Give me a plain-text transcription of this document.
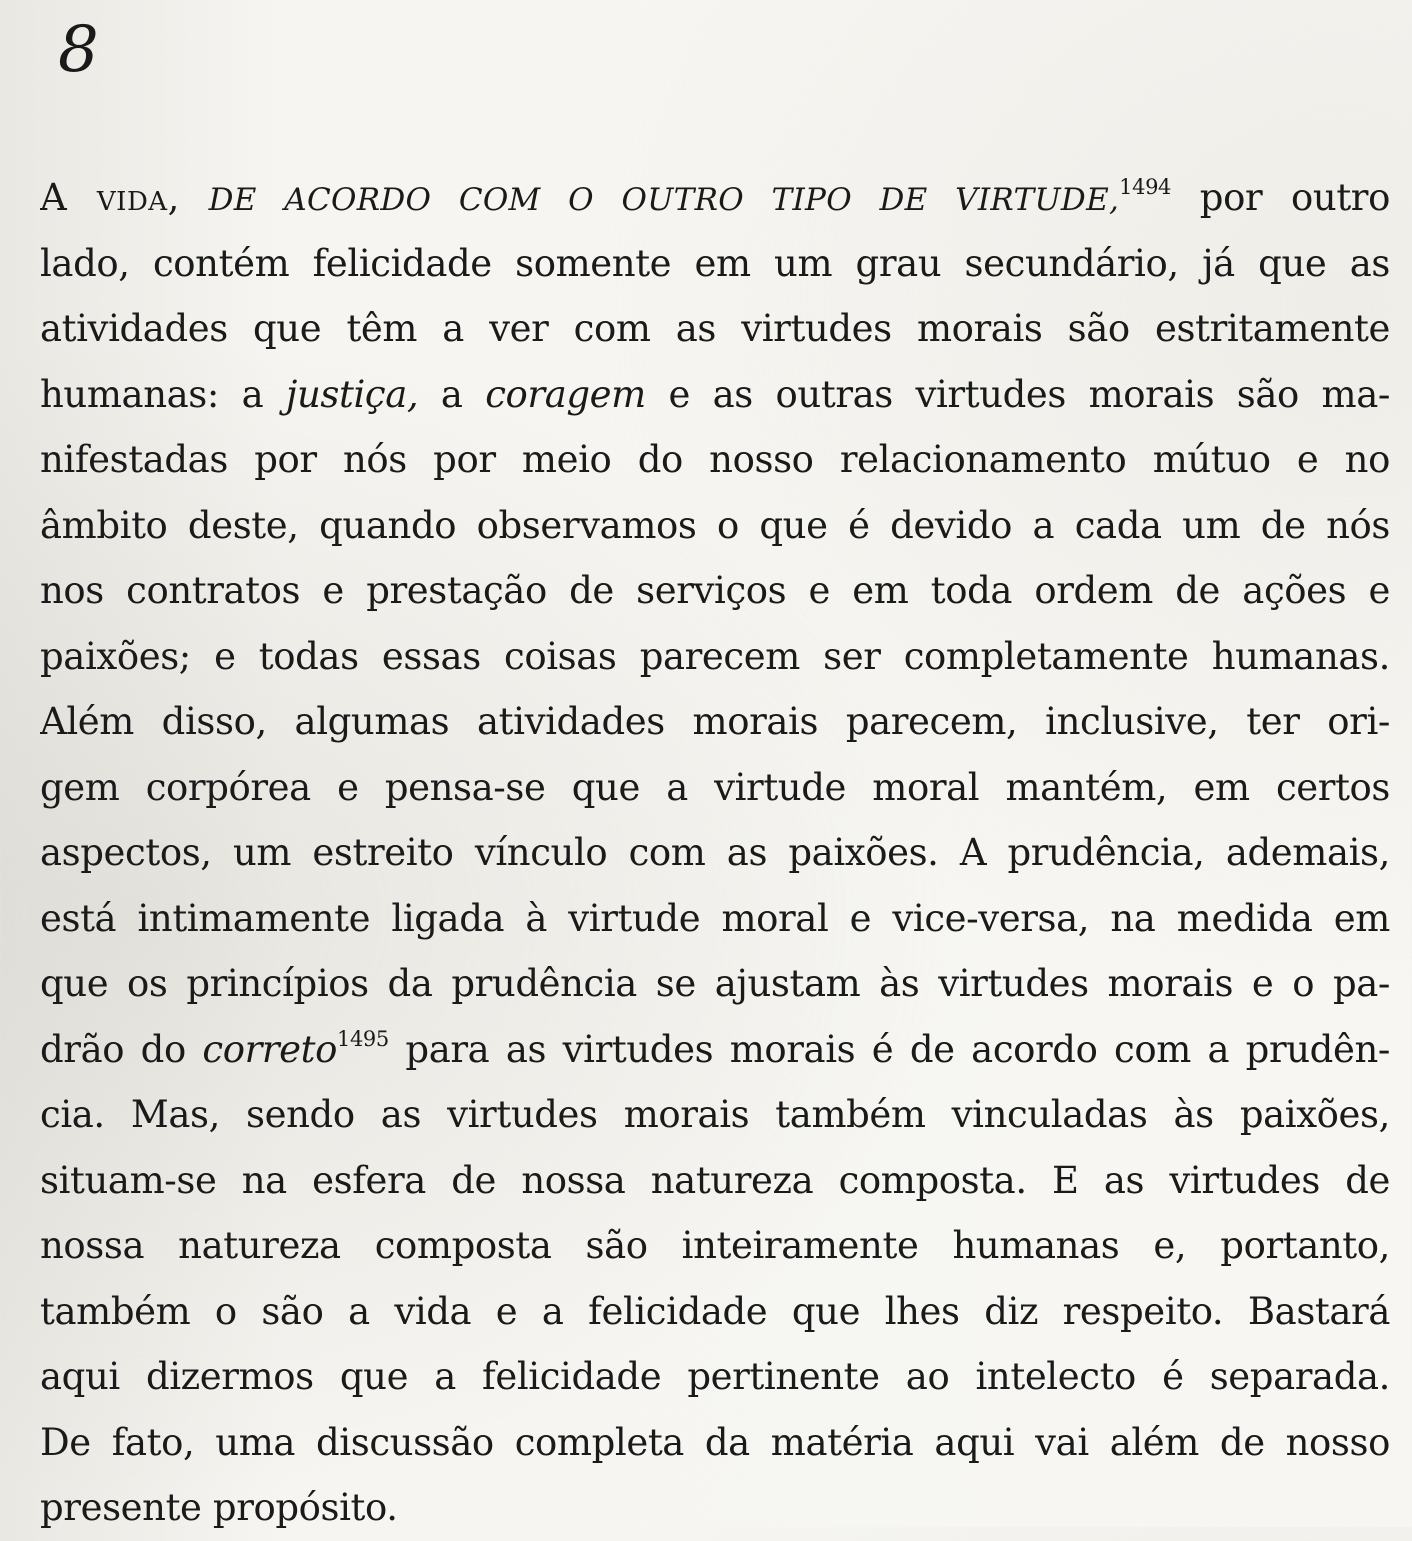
8
A vida, DE ACORDO COM O OUTRO TIPO DE VIRTUDE,$^{1494}$ por outro
lado, contém felicidade somente em um grau secundário, já que as
atividades que têm a ver com as virtudes morais são estritamente
humanas: a justiça, a coragem e as outras virtudes morais são ma-
nifestadas por nós por meio do nosso relacionamento mútuo e no
âmbito deste, quando observamos o que é devido a cada um de nós
nos contratos e prestação de serviços e em toda ordem de ações e
paixões; e todas essas coisas parecem ser completamente humanas.
Além disso, algumas atividades morais parecem, inclusive, ter ori-
gem corpórea e pensa-se que a virtude moral mantém, em certos
aspectos, um estreito vínculo com as paixões. A prudência, ademais,
está intimamente ligada à virtude moral e vice-versa, na medida em
que os princípios da prudência se ajustam às virtudes morais e o pa-
drão do correto$^{1495}$ para as virtudes morais é de acordo com a prudên-
cia. Mas, sendo as virtudes morais também vinculadas às paixões,
situam-se na esfera de nossa natureza composta. E as virtudes de
nossa natureza composta são inteiramente humanas e, portanto,
também o são a vida e a felicidade que lhes diz respeito. Bastará
aqui dizermos que a felicidade pertinente ao intelecto é separada.
De fato, uma discussão completa da matéria aqui vai além de nosso
presente propósito.
